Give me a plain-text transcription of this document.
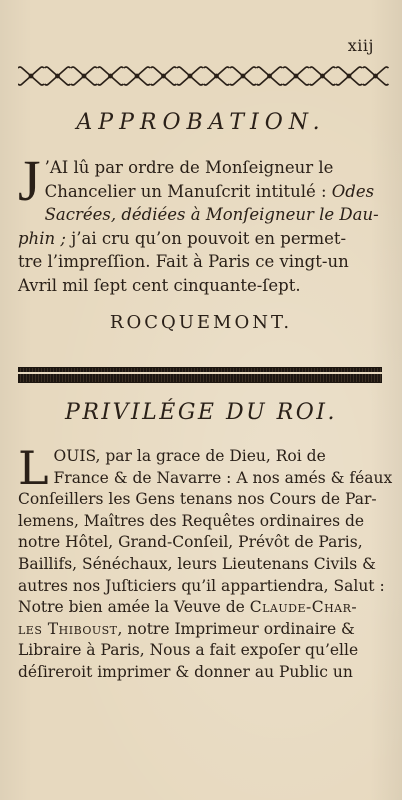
xiij
APPROBATION.
J ’AI lû par ordre de Monſeigneur le
Chancelier un Manuſcrit intitulé : Odes
Sacrées, dédiées à Monſeigneur le Dau-
phin ; j’ai cru qu’on pouvoit en permet-
tre l’impreſſion. Fait à Paris ce vingt-un
Avril mil ſept cent cinquante-ſept.
ROCQUEMONT.
PRIVILÉGE DU ROI.
L OUIS, par la grace de Dieu, Roi de
France & de Navarre : A nos amés & féaux
Conſeillers les Gens tenans nos Cours de Par-
lemens, Maîtres des Requêtes ordinaires de
notre Hôtel, Grand-Conſeil, Prévôt de Paris,
Baillifs, Sénéchaux, leurs Lieutenans Civils &
autres nos Juſticiers qu’il appartiendra, Salut :
Notre bien amée la Veuve de Claude-Char-
les Thiboust, notre Imprimeur ordinaire &
Libraire à Paris, Nous a fait expoſer qu’elle
déſireroit imprimer & donner au Public un
